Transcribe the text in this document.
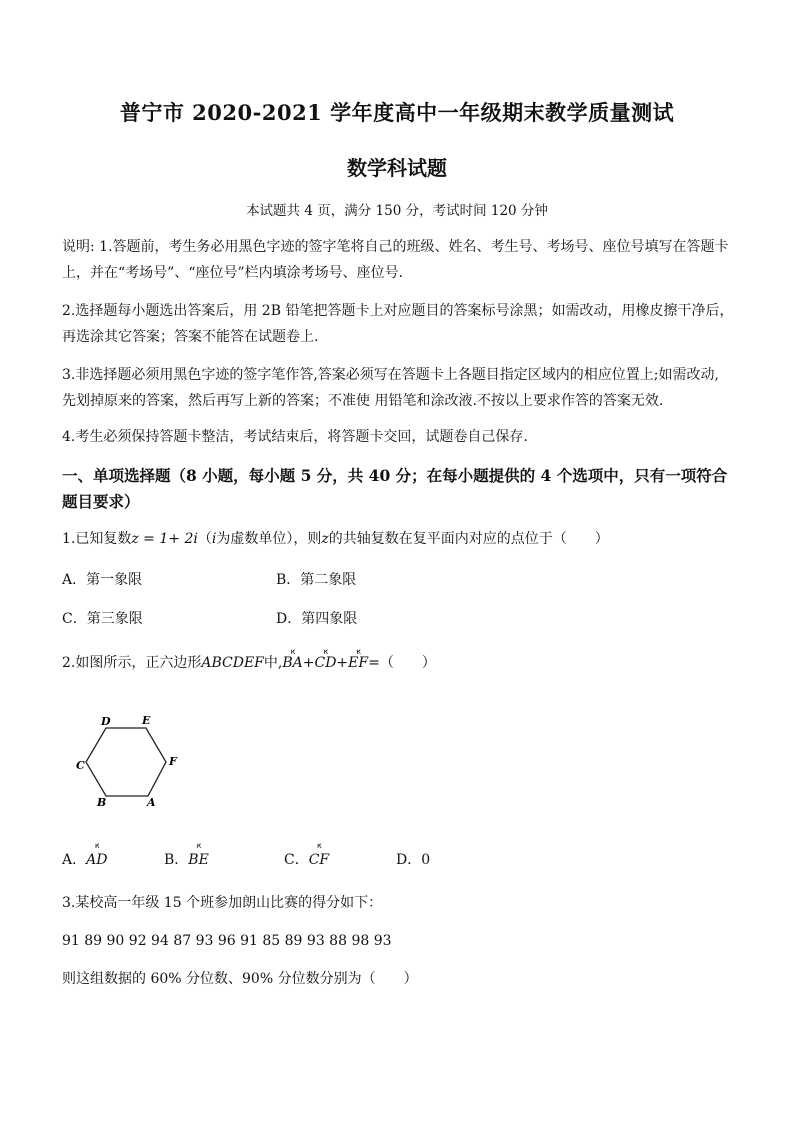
普宁市 2020-2021 学年度高中一年级期末教学质量测试
数学科试题
本试题共 4 页，满分 150 分，考试时间 120 分钟
说明: 1.答题前，考生务必用黑色字迹的签字笔将自己的班级、姓名、考生号、考场号、座位号填写在答题卡
上，并在“考场号”、“座位号”栏内填涂考场号、座位号.
2.选择题每小题选出答案后，用 2B 铅笔把答题卡上对应题目的答案标号涂黑；如需改动，用橡皮擦干净后，
再选涂其它答案；答案不能答在试题卷上.
3.非选择题必须用黑色字迹的签字笔作答,答案必须写在答题卡上各题目指定区域内的相应位置上;如需改动,
先划掉原来的答案，然后再写上新的答案；不准使 用铅笔和涂改液.不按以上要求作答的答案无效.
4.考生必须保持答题卡整洁，考试结束后，将答题卡交回，试题卷自己保存.
一、单项选择题（8 小题，每小题 5 分，共 40 分；在每小题提供的 4 个选项中，只有一项符合
题目要求）
1.已知复数z = 1+ 2i（i为虚数单位），则z的共轴复数在复平面内对应的点位于（　　）
A．第一象限	B．第二象限
C．第三象限	D．第四象限
2.如图所示，正六边形ABCDEF中,ԟ BA+ԟ CD+ԟ EF=（　　）
D	E
F
A
B
C
A．ԟ AD	B．ԟ BE	C．ԟ CF	D．0
3.某校高一年级 15 个班参加朗山比赛的得分如下：
91 89 90 92 94 87 93 96 91 85 89 93 88 98 93
则这组数据的 60% 分位数、90% 分位数分别为（　　）
